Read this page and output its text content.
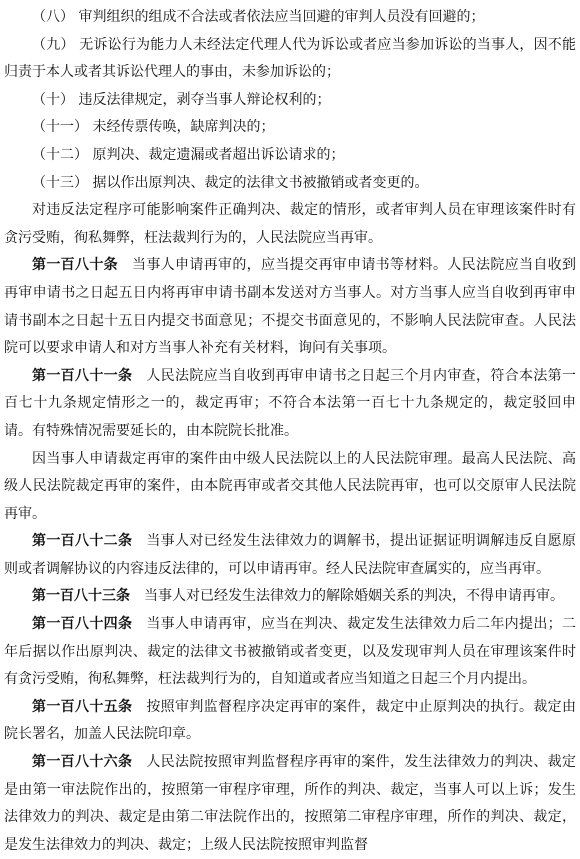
（八） 审判组织的组成不合法或者依法应当回避的审判人员没有回避的；

（九） 无诉讼行为能力人未经法定代理人代为诉讼或者应当参加诉讼的当事人，因不能归责于本人或者其诉讼代理人的事由，未参加诉讼的；

（十） 违反法律规定，剥夺当事人辩论权利的；

（十一） 未经传票传唤，缺席判决的；

（十二） 原判决、裁定遗漏或者超出诉讼请求的；

（十三） 据以作出原判决、裁定的法律文书被撤销或者变更的。

对违反法定程序可能影响案件正确判决、裁定的情形，或者审判人员在审理该案件时有贪污受贿，徇私舞弊，枉法裁判行为的，人民法院应当再审。

第一百八十条 当事人申请再审的，应当提交再审申请书等材料。人民法院应当自收到再审申请书之日起五日内将再审申请书副本发送对方当事人。对方当事人应当自收到再审申请书副本之日起十五日内提交书面意见；不提交书面意见的，不影响人民法院审查。人民法院可以要求申请人和对方当事人补充有关材料，询问有关事项。

第一百八十一条 人民法院应当自收到再审申请书之日起三个月内审查，符合本法第一百七十九条规定情形之一的，裁定再审；不符合本法第一百七十九条规定的，裁定驳回申请。有特殊情况需要延长的，由本院院长批准。

因当事人申请裁定再审的案件由中级人民法院以上的人民法院审理。最高人民法院、高级人民法院裁定再审的案件，由本院再审或者交其他人民法院再审，也可以交原审人民法院再审。

第一百八十二条 当事人对已经发生法律效力的调解书，提出证据证明调解违反自愿原则或者调解协议的内容违反法律的，可以申请再审。经人民法院审查属实的，应当再审。

第一百八十三条 当事人对已经发生法律效力的解除婚姻关系的判决，不得申请再审。

第一百八十四条 当事人申请再审，应当在判决、裁定发生法律效力后二年内提出；二年后据以作出原判决、裁定的法律文书被撤销或者变更，以及发现审判人员在审理该案件时有贪污受贿，徇私舞弊，枉法裁判行为的，自知道或者应当知道之日起三个月内提出。

第一百八十五条 按照审判监督程序决定再审的案件，裁定中止原判决的执行。裁定由院长署名，加盖人民法院印章。

第一百八十六条 人民法院按照审判监督程序再审的案件，发生法律效力的判决、裁定是由第一审法院作出的，按照第一审程序审理，所作的判决、裁定，当事人可以上诉；发生法律效力的判决、裁定是由第二审法院作出的，按照第二审程序审理，所作的判决、裁定，是发生法律效力的判决、裁定；上级人民法院按照审判监督
